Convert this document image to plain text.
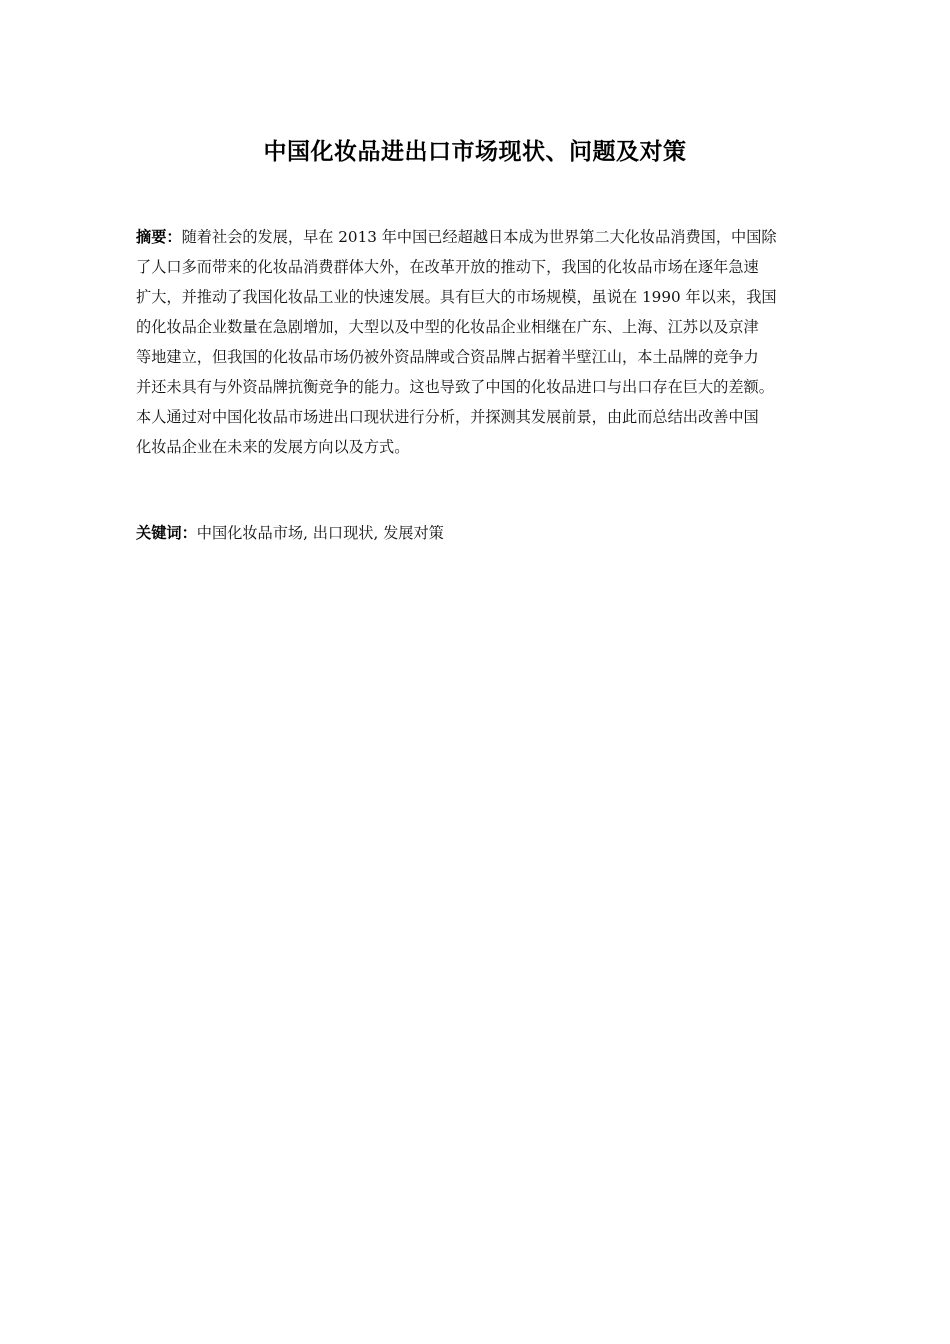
中国化妆品进出口市场现状、问题及对策
摘要：随着社会的发展，早在 2013 年中国已经超越日本成为世界第二大化妆品消费国，中国除
了人口多而带来的化妆品消费群体大外，在改革开放的推动下，我国的化妆品市场在逐年急速
扩大，并推动了我国化妆品工业的快速发展。具有巨大的市场规模，虽说在 1990 年以来，我国
的化妆品企业数量在急剧增加，大型以及中型的化妆品企业相继在广东、上海、江苏以及京津
等地建立，但我国的化妆品市场仍被外资品牌或合资品牌占据着半壁江山，本土品牌的竞争力
并还未具有与外资品牌抗衡竞争的能力。这也导致了中国的化妆品进口与出口存在巨大的差额。
本人通过对中国化妆品市场进出口现状进行分析，并探测其发展前景，由此而总结出改善中国
化妆品企业在未来的发展方向以及方式。

关键词：中国化妆品市场, 出口现状, 发展对策
